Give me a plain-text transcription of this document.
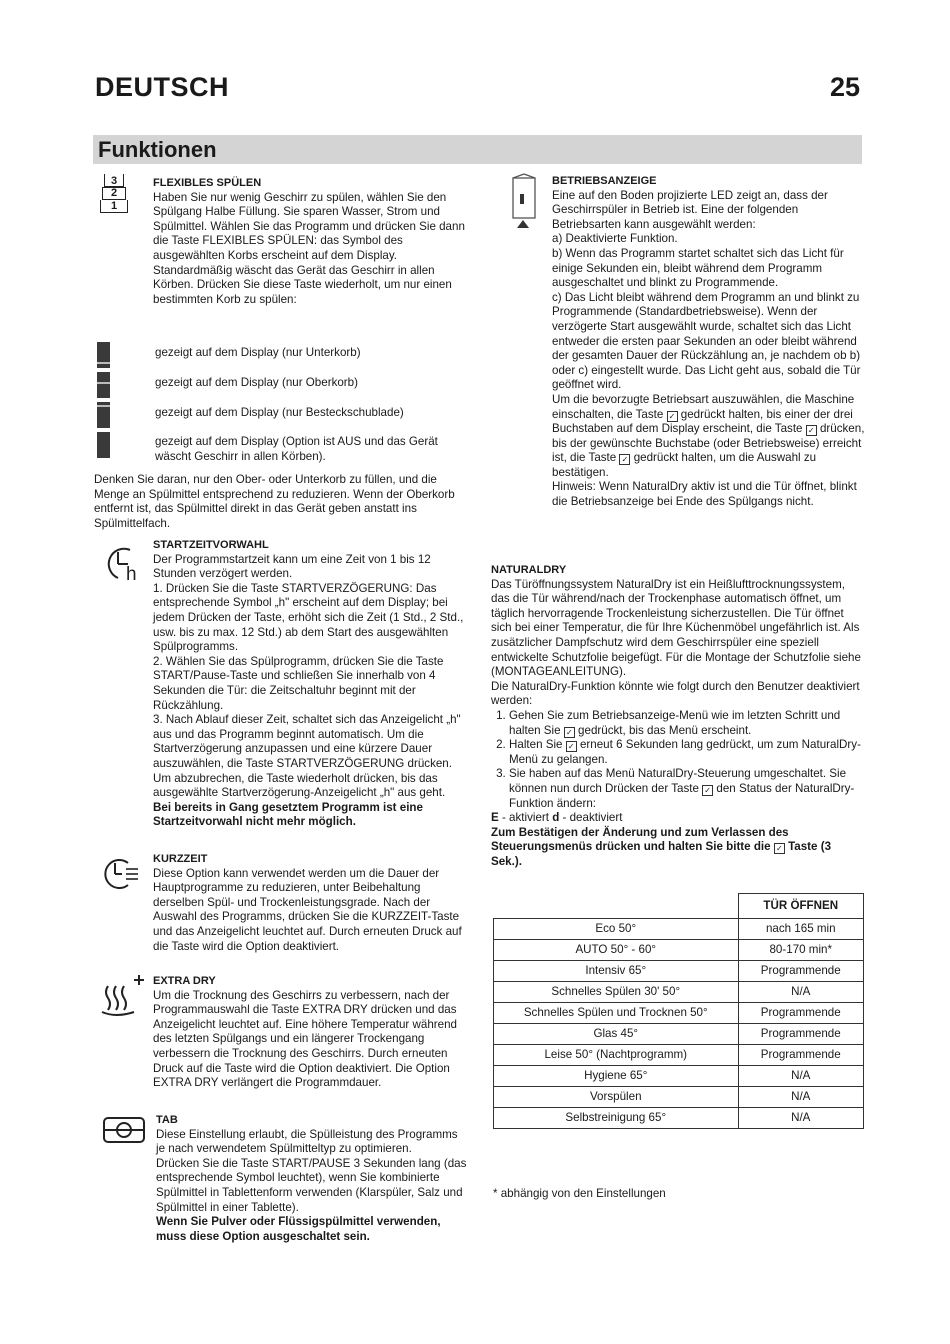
DEUTSCH	25
Funktionen
3
2
1
FLEXIBLES SPÜLEN

Haben Sie nur wenig Geschirr zu spülen, wählen Sie den Spülgang Halbe Füllung. Sie sparen Wasser, Strom und Spülmittel. Wählen Sie das Programm und drücken Sie dann die Taste FLEXIBLES SPÜLEN: das Symbol des ausgewählten Korbs erscheint auf dem Display. Standardmäßig wäscht das Gerät das Geschirr in allen Körben. Drücken Sie diese Taste wiederholt, um nur einen bestimmten Korb zu spülen:

gezeigt auf dem Display (nur Unterkorb)
gezeigt auf dem Display (nur Oberkorb)
gezeigt auf dem Display (nur Besteckschublade)
gezeigt auf dem Display (Option ist AUS und das Gerät wäscht Geschirr in allen Körben).
Denken Sie daran, nur den Ober- oder Unterkorb zu füllen, und die Menge an Spülmittel entsprechend zu reduzieren. Wenn der Oberkorb entfernt ist, das Spülmittel direkt in das Gerät geben anstatt ins Spülmittelfach.
h
STARTZEITVORWAHL

Der Programmstartzeit kann um eine Zeit von 1 bis 12 Stunden verzögert werden.

1. Drücken Sie die Taste STARTVERZÖGERUNG: Das entsprechende Symbol „h" erscheint auf dem Display; bei jedem Drücken der Taste, erhöht sich die Zeit (1 Std., 2 Std., usw. bis zu max. 12 Std.) ab dem Start des ausgewählten Spülprogramms.

2. Wählen Sie das Spülprogramm, drücken Sie die Taste START/Pause-Taste und schließen Sie innerhalb von 4 Sekunden die Tür: die Zeitschaltuhr beginnt mit der Rückzählung.

3. Nach Ablauf dieser Zeit, schaltet sich das Anzeigelicht „h" aus und das Programm beginnt automatisch. Um die Startverzögerung anzupassen und eine kürzere Dauer auszuwählen, die Taste STARTVERZÖGERUNG drücken. Um abzubrechen, die Taste wiederholt drücken, bis das ausgewählte Startverzögerung-Anzeigelicht „h" aus geht.

Bei bereits in Gang gesetztem Programm ist eine Startzeitvorwahl nicht mehr möglich.

KURZZEIT

Diese Option kann verwendet werden um die Dauer der Hauptprogramme zu reduzieren, unter Beibehaltung derselben Spül- und Trockenleistungsgrade. Nach der Auswahl des Programms, drücken Sie die KURZZEIT-Taste und das Anzeigelicht leuchtet auf. Durch erneuten Druck auf die Taste wird die Option deaktiviert.

EXTRA DRY

Um die Trocknung des Geschirrs zu verbessern, nach der Programmauswahl die Taste EXTRA DRY drücken und das Anzeigelicht leuchtet auf. Eine höhere Temperatur während des letzten Spülgangs und ein längerer Trockengang verbessern die Trocknung des Geschirrs. Durch erneuten Druck auf die Taste wird die Option deaktiviert. Die Option EXTRA DRY verlängert die Programmdauer.

TAB

Diese Einstellung erlaubt, die Spülleistung des Programms je nach verwendetem Spülmitteltyp zu optimieren.

Drücken Sie die Taste START/PAUSE 3 Sekunden lang (das entsprechende Symbol leuchtet), wenn Sie kombinierte Spülmittel in Tablettenform verwenden (Klarspüler, Salz und Spülmittel in einer Tablette).

Wenn Sie Pulver oder Flüssigspülmittel verwenden, muss diese Option ausgeschaltet sein.

BETRIEBSANZEIGE

Eine auf den Boden projizierte LED zeigt an, dass der Geschirrspüler in Betrieb ist. Eine der folgenden Betriebsarten kann ausgewählt werden:

a) Deaktivierte Funktion.

b) Wenn das Programm startet schaltet sich das Licht für einige Sekunden ein, bleibt während dem Programm ausgeschaltet und blinkt zu Programmende.

c) Das Licht bleibt während dem Programm an und blinkt zu Programmende (Standardbetriebsweise). Wenn der verzögerte Start ausgewählt wurde, schaltet sich das Licht entweder die ersten paar Sekunden an oder bleibt während der gesamten Dauer der Rückzählung an, je nachdem ob b) oder c) eingestellt wurde. Das Licht geht aus, sobald die Tür geöffnet wird.

Um die bevorzugte Betriebsart auszuwählen, die Maschine einschalten, die Taste ✓ gedrückt halten, bis einer der drei Buchstaben auf dem Display erscheint, die Taste ✓ drücken, bis der gewünschte Buchstabe (oder Betriebsweise) erreicht ist, die Taste ✓ gedrückt halten, um die Auswahl zu bestätigen.

Hinweis: Wenn NaturalDry aktiv ist und die Tür öffnet, blinkt die Betriebsanzeige bei Ende des Spülgangs nicht.

NATURALDRY

Das Türöffnungssystem NaturalDry ist ein Heißlufttrocknungssystem, das die Tür während/nach der Trockenphase automatisch öffnet, um täglich hervorragende Trockenleistung sicherzustellen. Die Tür öffnet sich bei einer Temperatur, die für Ihre Küchenmöbel ungefährlich ist. Als zusätzlicher Dampfschutz wird dem Geschirrspüler eine speziell entwickelte Schutzfolie beigefügt. Für die Montage der Schutzfolie siehe (MONTAGEANLEITUNG).

Die NaturalDry-Funktion könnte wie folgt durch den Benutzer deaktiviert werden:

1. Gehen Sie zum Betriebsanzeige-Menü wie im letzten Schritt und halten Sie ✓ gedrückt, bis das Menü erscheint.
2. Halten Sie ✓ erneut 6 Sekunden lang gedrückt, um zum NaturalDry-Menü zu gelangen.
3. Sie haben auf das Menü NaturalDry-Steuerung umgeschaltet. Sie können nun durch Drücken der Taste ✓ den Status der NaturalDry-Funktion ändern:

E - aktiviert d - deaktiviert

Zum Bestätigen der Änderung und zum Verlassen des Steuerungsmenüs drücken und halten Sie bitte die ✓ Taste (3 Sek.).

	TÜR ÖFFNEN
Eco 50°	nach 165 min
AUTO 50° - 60°	80-170 min*
Intensiv 65°	Programmende
Schnelles Spülen 30' 50°	N/A
Schnelles Spülen und Trocknen 50°	Programmende
Glas 45°	Programmende
Leise 50° (Nachtprogramm)	Programmende
Hygiene 65°	N/A
Vorspülen	N/A
Selbstreinigung 65°	N/A
* abhängig von den Einstellungen
